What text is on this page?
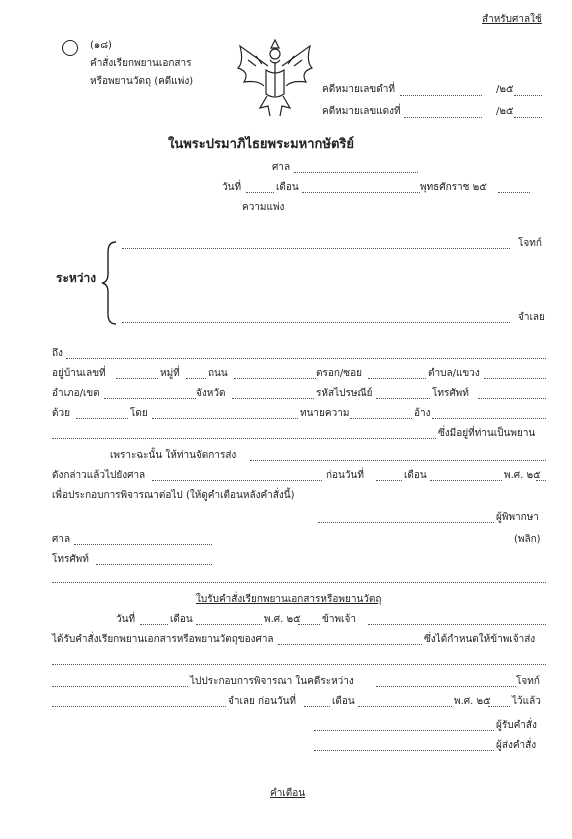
สำหรับศาลใช้
(๑๘)
คำสั่งเรียกพยานเอกสาร
หรือพยานวัตถุ (คดีแพ่ง)
คดีหมายเลขดำที่	/๒๕
คดีหมายเลขแดงที่	/๒๕
ในพระปรมาภิไธยพระมหากษัตริย์
ศาล
วันที่	เดือน	พุทธศักราช ๒๕
ความแพ่ง
ระหว่าง
โจทก์
จำเลย
ถึง
อยู่บ้านเลขที่	หมู่ที่	ถนน	ตรอก/ซอย	ตำบล/แขวง
อำเภอ/เขต	จังหวัด	รหัสไปรษณีย์	โทรศัพท์
ด้วย	โดย	ทนายความ	อ้าง
ซึ่งมีอยู่ที่ท่านเป็นพยาน
เพราะฉะนั้น ให้ท่านจัดการส่ง
ดังกล่าวแล้วไปยังศาล	ก่อนวันที่	เดือน	พ.ศ. ๒๕
เพื่อประกอบการพิจารณาต่อไป (ให้ดูคำเตือนหลังคำสั่งนี้)
ผู้พิพากษา
ศาล	(พลิก)
โทรศัพท์
ใบรับคำสั่งเรียกพยานเอกสารหรือพยานวัตถุ
วันที่	เดือน	พ.ศ. ๒๕ ข้าพเจ้า
ได้รับคำสั่งเรียกพยานเอกสารหรือพยานวัตถุของศาล	ซึ่งได้กำหนดให้ข้าพเจ้าส่ง
ไปประกอบการพิจารณา ในคดีระหว่าง	โจทก์
จำเลย ก่อนวันที่	เดือน	พ.ศ. ๒๕ ไว้แล้ว
ผู้รับคำสั่ง
ผู้ส่งคำสั่ง
คำเตือน
